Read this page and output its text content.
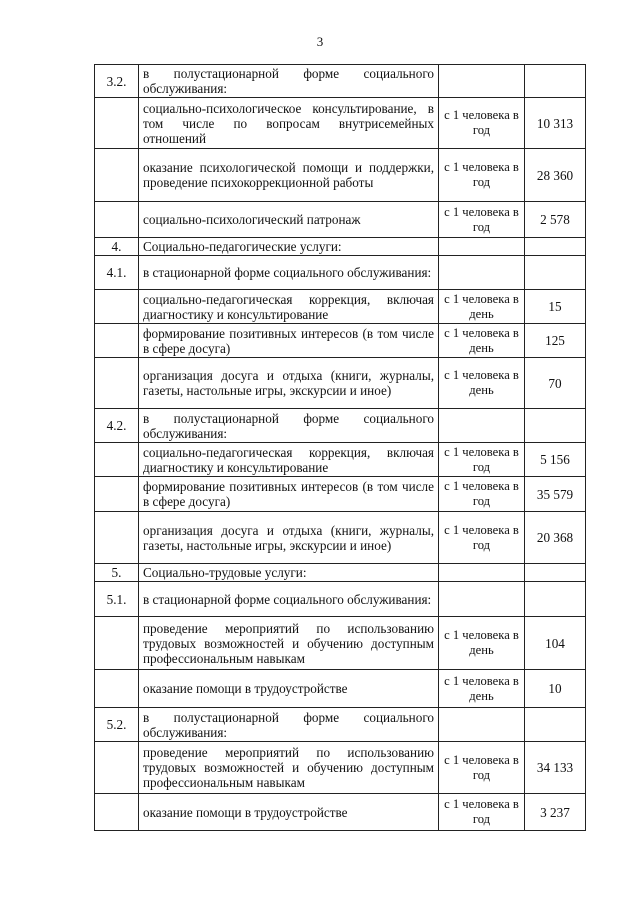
3
3.2.	в полустационарной форме социального обслуживания:		
	социально-психологическое консультирование, в том числе по вопросам внутрисемейных отношений	с 1 человека в год	10 313
	оказание психологической помощи и поддержки, проведение психокоррекционной работы	с 1 человека в год	28 360
	социально-психологический патронаж	с 1 человека в год	2 578
4.	Социально-педагогические услуги:		
4.1.	в стационарной форме социального обслуживания:		
	социально-педагогическая коррекция, включая диагностику и консультирование	с 1 человека в день	15
	формирование позитивных интересов (в том числе в сфере досуга)	с 1 человека в день	125
	организация досуга и отдыха (книги, журналы, газеты, настольные игры, экскурсии и иное)	с 1 человека в день	70
4.2.	в полустационарной форме социального обслуживания:		
	социально-педагогическая коррекция, включая диагностику и консультирование	с 1 человека в год	5 156
	формирование позитивных интересов (в том числе в сфере досуга)	с 1 человека в год	35 579
	организация досуга и отдыха (книги, журналы, газеты, настольные игры, экскурсии и иное)	с 1 человека в год	20 368
5.	Социально-трудовые услуги:		
5.1.	в стационарной форме социального обслуживания:		
	проведение мероприятий по использованию трудовых возможностей и обучению доступным профессиональным навыкам	с 1 человека в день	104
	оказание помощи в трудоустройстве	с 1 человека в день	10
5.2.	в полустационарной форме социального обслуживания:		
	проведение мероприятий по использованию трудовых возможностей и обучению доступным профессиональным навыкам	с 1 человека в год	34 133
	оказание помощи в трудоустройстве	с 1 человека в год	3 237
